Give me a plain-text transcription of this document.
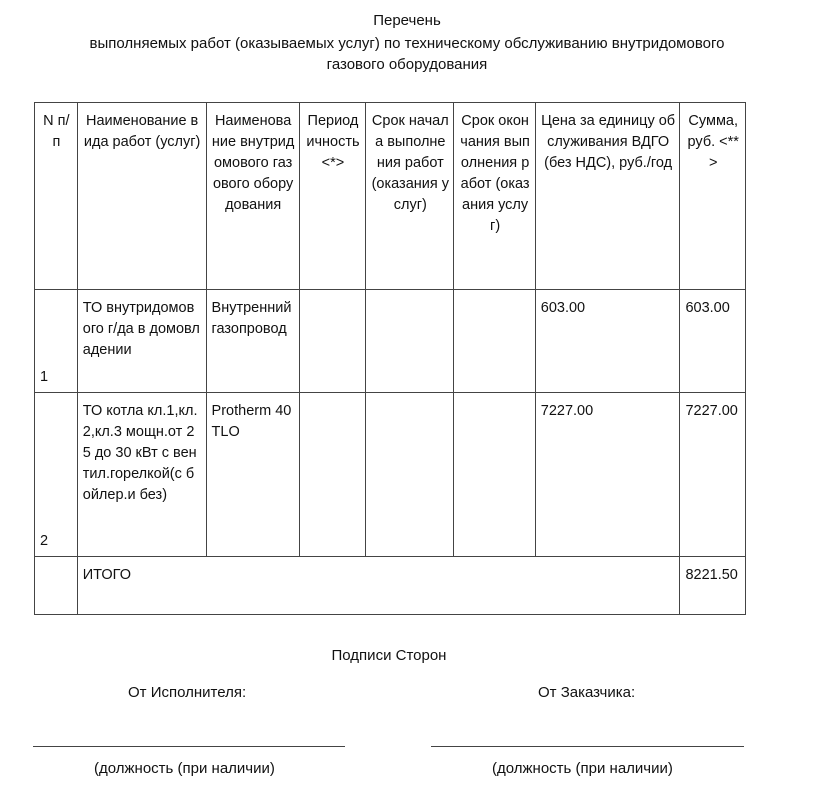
Перечень
выполняемых работ (оказываемых услуг) по техническому обслуживанию внутридомового
газового оборудования
N п/п	Наименование вида работ (услуг)	Наименование внутридомового газового оборудования	Периодичность <*>	Срок начала выполнения работ (оказания услуг)	Срок окончания выполнения работ (оказания услуг)	Цена за единицу обслуживания ВДГО (без НДС), руб./год	Сумма, руб. <**>
1	ТО внутридомового г/да в домовладении	Внутренний газопровод				603.00	603.00
2	ТО котла кл.1,кл.2,кл.3 мощн.от 25 до 30 кВт с вентил.горелкой(с бойлер.и без)	Protherm 40 TLO				7227.00	7227.00
	ИТОГО						8221.50
Подписи Сторон
От Исполнителя:	От Заказчика:
(должность (при наличии)	(должность (при наличии)
